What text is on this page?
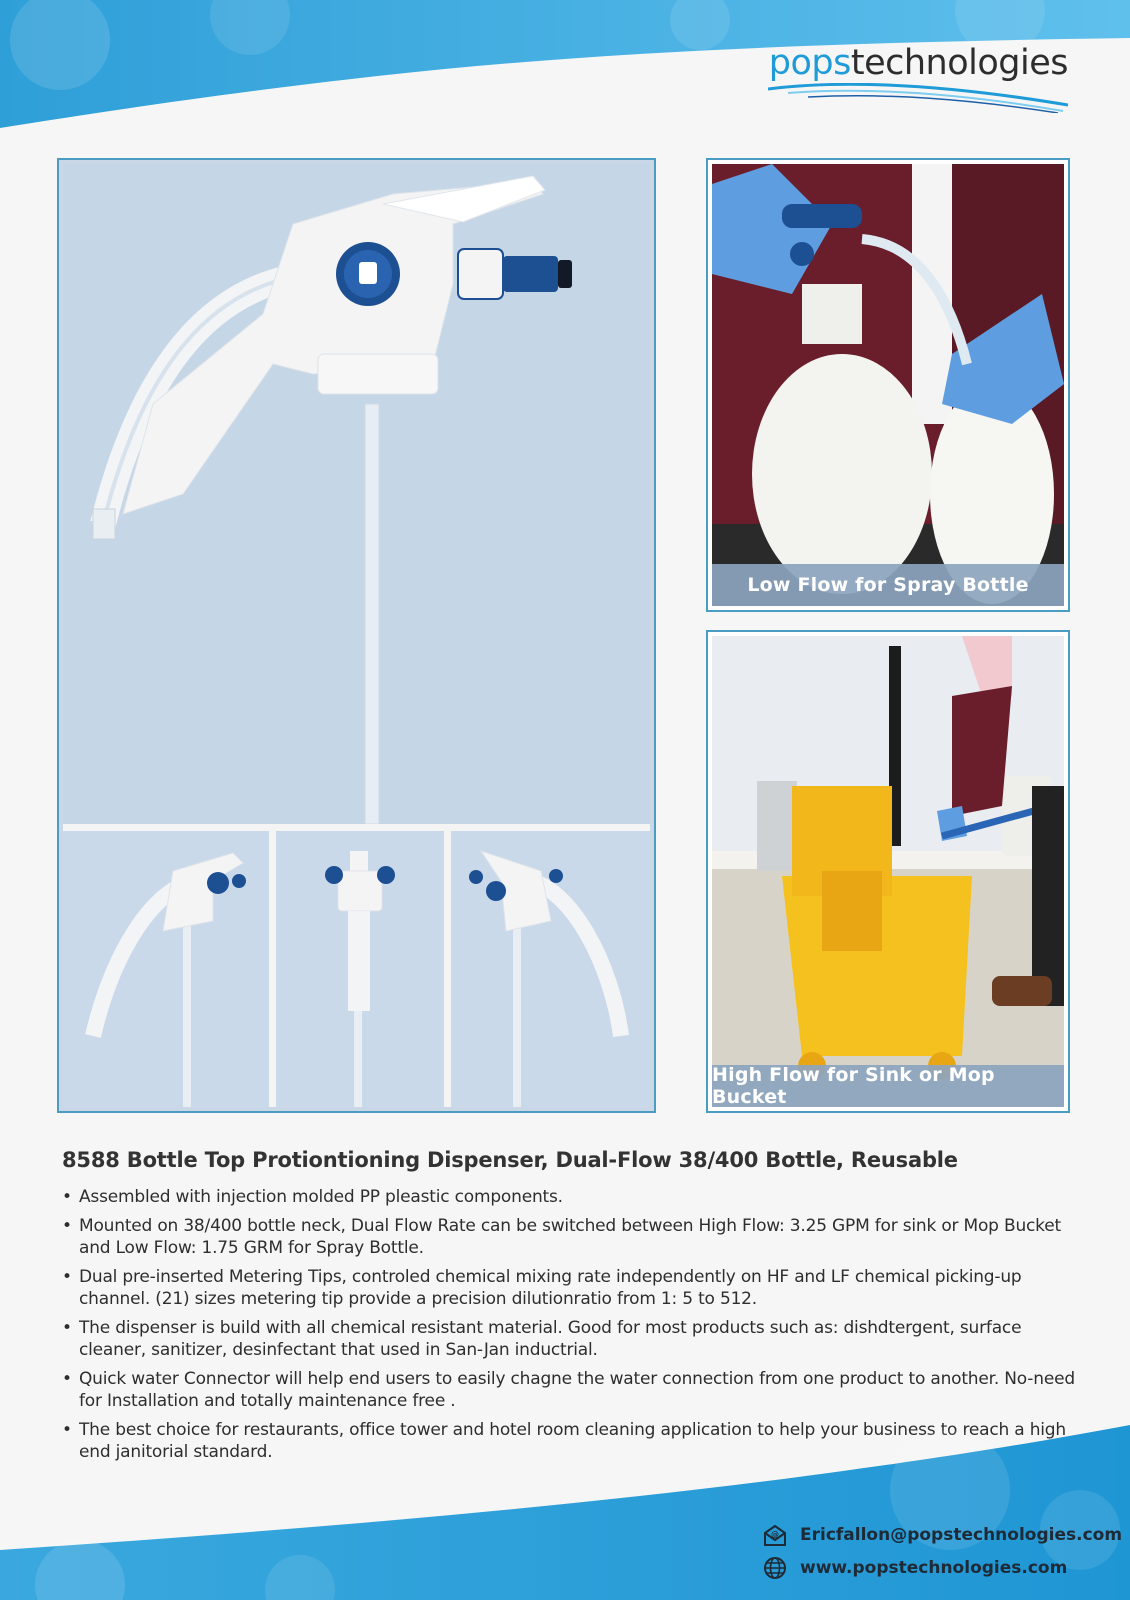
popstechnologies
Low Flow for Spray Bottle
High Flow for Sink or Mop Bucket
8588 Bottle Top Protiontioning Dispenser, Dual-Flow 38/400 Bottle, Reusable
• Assembled with injection molded PP pleastic components.
• Mounted on 38/400 bottle neck, Dual Flow Rate can be switched between High Flow: 3.25 GPM for sink or Mop Bucket and Low Flow: 1.75 GRM for Spray Bottle.
• Dual pre-inserted Metering Tips, controled chemical mixing rate independently on HF and LF chemical picking-up channel. (21) sizes metering tip provide a precision dilutionratio from 1: 5 to 512.
• The dispenser is build with all chemical resistant material. Good for most products such as: dishdtergent, surface cleaner, sanitizer, desinfectant that used in San-Jan inductrial.
• Quick water Connector will help end users to easily chagne the water connection from one product to another. No-need for Installation and totally maintenance free .
• The best choice for restaurants, office tower and hotel room cleaning application to help your business to reach a high end janitorial standard.
@ Ericfallon@popstechnologies.com
www.popstechnologies.com
